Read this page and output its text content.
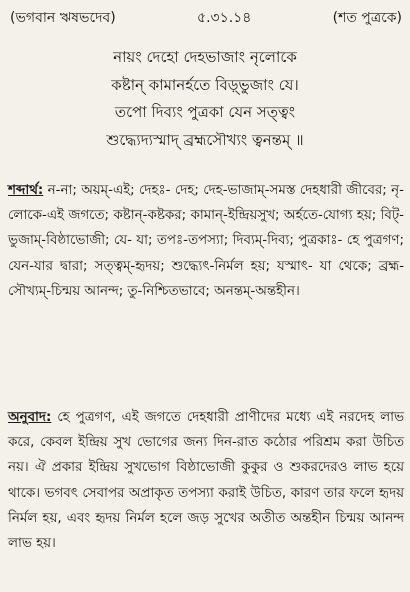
(ভগবান ঋষভদেব)	৫.৩১.১৪	(শত পুত্রকে)
নায়ং দেহো দেহভাজাং নৃলোকে
কষ্টান্ কামানর্হতে বিড়্ভুজাং যে।
তপো দিব্যং পুত্রকা যেন সত্ত্বং
শুদ্ধ্যেদ্যস্মাদ্ ব্রহ্মসৌখ্যং ত্বনন্তম্ ॥
শব্দার্থ: ন-না; অয়ম্-এই; দেহঃ- দেহ; দেহ-ভাজাম্-সমস্ত দেহধারী জীবের; নৃ-লোকে-এই জগতে; কষ্টান্-কষ্টকর; কামান্-ইন্দ্রিয়সুখ; অর্হতে-যোগ্য হয়; বিট্-ভুজাম্-বিষ্ঠাভোজী; যে- যা; তপঃ-তপস্যা; দিব্যম্-দিব্য; পুত্রকাঃ- হে পুত্রগণ; যেন-যার দ্বারা; সত্ত্বম্-হৃদয়; শুদ্ধ্যেৎ-নির্মল হয়; যস্মাৎ- যা থেকে; ব্রহ্ম-সৌখ্যম্-চিন্ময় আনন্দ; তু-নিশ্চিতভাবে; অনন্তম্-অন্তহীন।
অনুবাদ: হে পুত্রগণ, এই জগতে দেহধারী প্রাণীদের মধ্যে এই নরদেহ লাভ করে, কেবল ইন্দ্রিয় সুখ ভোগের জন্য দিন-রাত কঠোর পরিশ্রম করা উচিত নয়। ঐ প্রকার ইন্দ্রিয় সুখভোগ বিষ্ঠাভোজী কুকুর ও শুকরদেরও লাভ হয়ে থাকে। ভগবৎ সেবাপর অপ্রাকৃত তপস্যা করাই উচিত, কারণ তার ফলে হৃদয় নির্মল হয়, এবং হৃদয় নির্মল হলে জড় সুখের অতীত অন্তহীন চিন্ময় আনন্দ লাভ হয়।
